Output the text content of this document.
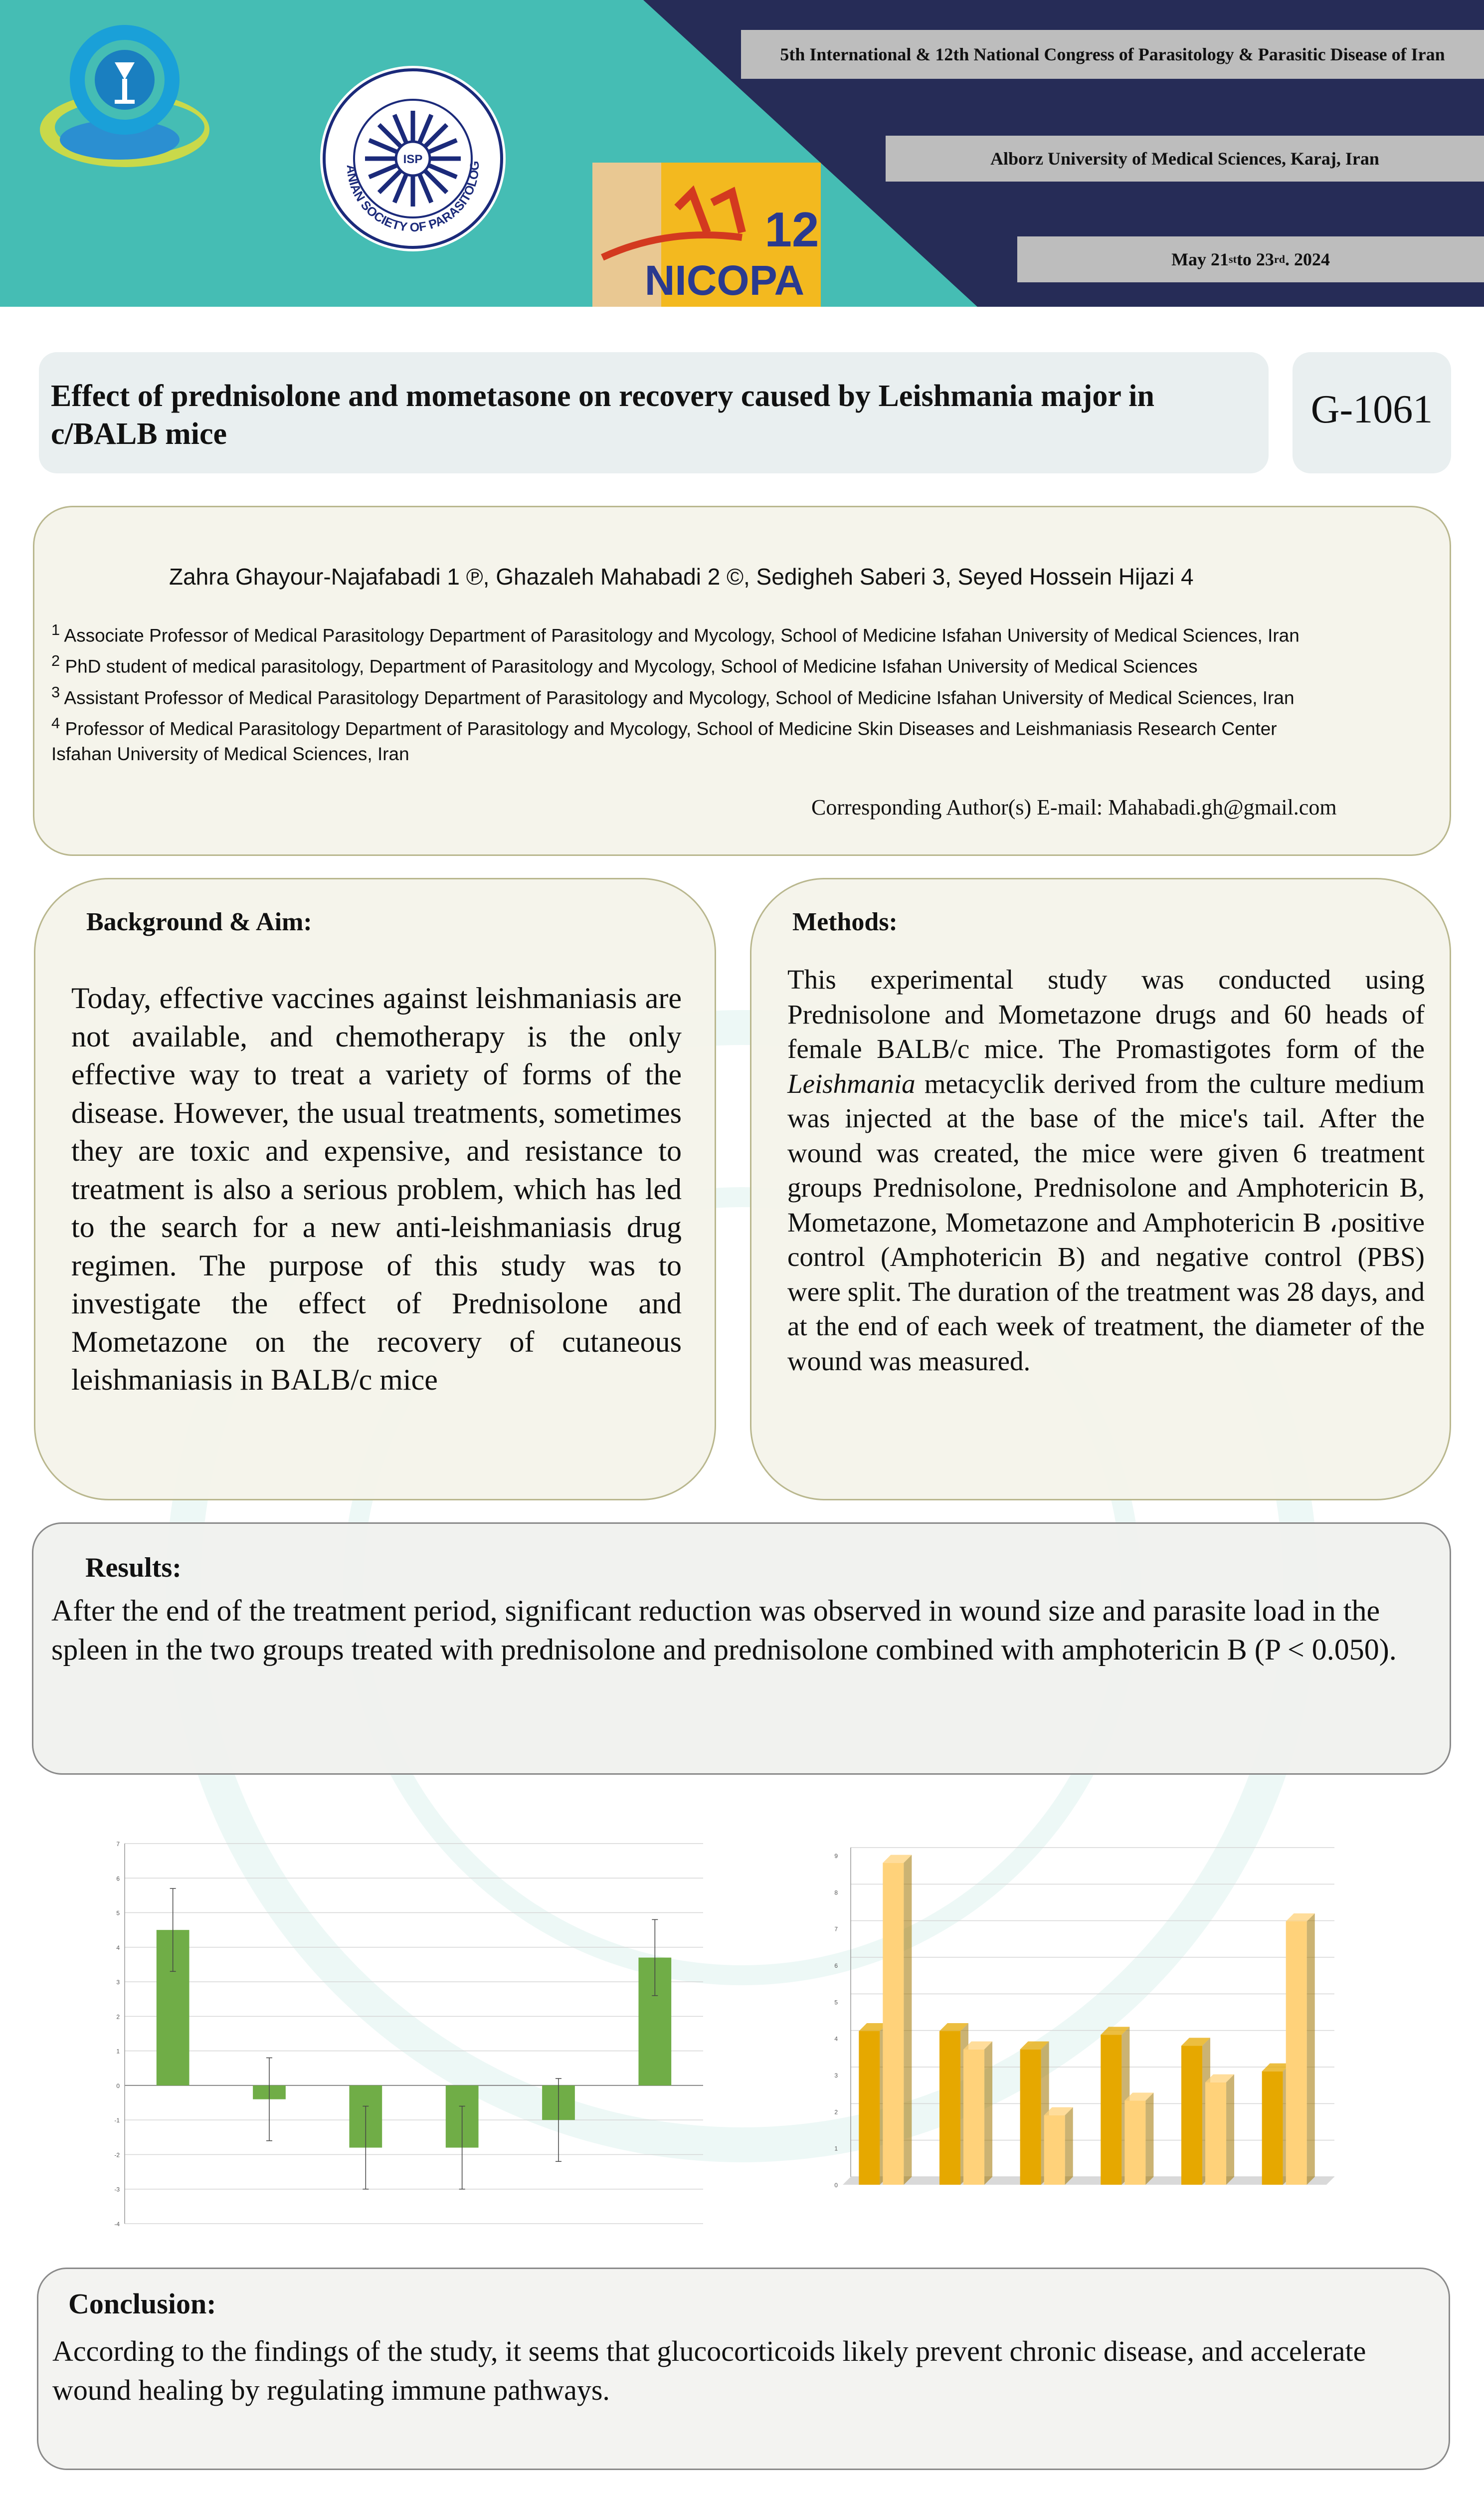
ISP
ANIAN SOCIETY OF PARASITOLOG
12
NICOPA
5th International & 12th National Congress of Parasitology & Parasitic Disease of Iran
Alborz University of Medical Sciences, Karaj, Iran
May 21 st to 23 rd . 2024
Effect of prednisolone and mometasone on recovery caused by Leishmania major in c/BALB mice
G-1061
Zahra Ghayour-Najafabadi 1 ℗, Ghazaleh Mahabadi 2 ©, Sedigheh Saberi 3, Seyed Hossein Hijazi 4
$^1$ Associate Professor of Medical Parasitology Department of Parasitology and Mycology, School of Medicine Isfahan University of Medical Sciences, Iran
$^2$ PhD student of medical parasitology, Department of Parasitology and Mycology, School of Medicine Isfahan University of Medical Sciences
$^3$ Assistant Professor of Medical Parasitology Department of Parasitology and Mycology, School of Medicine Isfahan University of Medical Sciences, Iran
$^4$ Professor of Medical Parasitology Department of Parasitology and Mycology, School of Medicine Skin Diseases and Leishmaniasis Research Center
Isfahan University of Medical Sciences, Iran
Corresponding Author(s) E-mail: Mahabadi.gh@gmail.com
Background & Aim:
Today, effective vaccines against leishmaniasis are not available, and chemotherapy is the only effective way to treat a variety of forms of the disease. However, the usual treatments, sometimes they are toxic and expensive, and resistance to treatment is also a serious problem, which has led to the search for a new anti-leishmaniasis drug regimen. The purpose of this study was to investigate the effect of Prednisolone and Mometazone on the recovery of cutaneous leishmaniasis in BALB/c mice
Methods:
This experimental study was conducted using Prednisolone and Mometazone drugs and 60 heads of female BALB/c mice. The Promastigotes form of the Leishmania metacyclik derived from the culture medium was injected at the base of the mice's tail. After the wound was created, the mice were given 6 treatment groups Prednisolone, Prednisolone and Amphotericin B, Mometazone, Mometazone and Amphotericin B ،positive control (Amphotericin B) and negative control (PBS) were split. The duration of the treatment was 28 days, and at the end of each week of treatment, the diameter of the wound was measured.
Results:
After the end of the treatment period, significant reduction was observed in wound size and parasite load in the spleen in the two groups treated with prednisolone and prednisolone combined with amphotericin B (P < 0.050).
-4
-3
-2
-1
0
1
2
3
4
5
6
7
0
1
2
3
4
5
6
7
8
9
Conclusion:
According to the findings of the study, it seems that glucocorticoids likely prevent chronic disease, and accelerate wound healing by regulating immune pathways.
